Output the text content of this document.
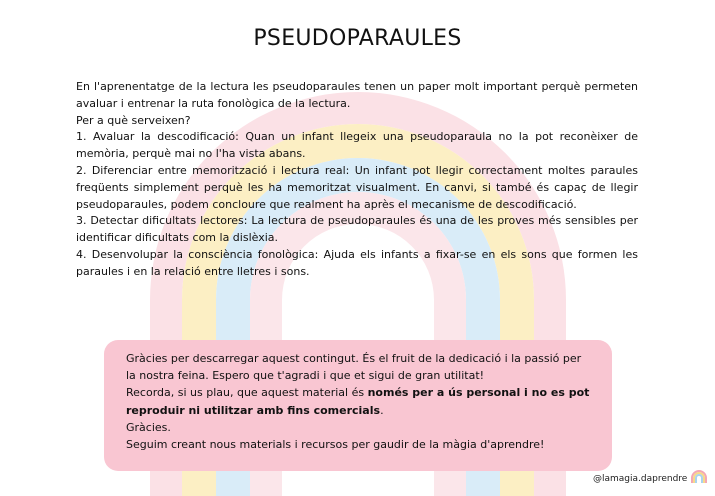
PSEUDOPARAULES

En l'aprenentatge de la lectura les pseudoparaules tenen un paper molt important perquè permeten avaluar i entrenar la ruta fonològica de la lectura.

Per a què serveixen?

1. Avaluar la descodificació: Quan un infant llegeix una pseudoparaula no la pot reconèixer de memòria, perquè mai no l'ha vista abans.

2. Diferenciar entre memorització i lectura real: Un infant pot llegir correctament moltes paraules freqüents simplement perquè les ha memoritzat visualment. En canvi, si també és capaç de llegir pseudoparaules, podem concloure que realment ha après el mecanisme de descodificació.

3. Detectar dificultats lectores: La lectura de pseudoparaules és una de les proves més sensibles per identificar dificultats com la dislèxia.

4. Desenvolupar la consciència fonològica: Ajuda els infants a fixar-se en els sons que formen les paraules i en la relació entre lletres i sons.

Gràcies per descarregar aquest contingut. És el fruit de la dedicació i la passió per la nostra feina. Espero que t'agradi i que et sigui de gran utilitat!

Recorda, si us plau, que aquest material és només per a ús personal i no es pot reproduir ni utilitzar amb fins comercials.

Gràcies.

Seguim creant nous materials i recursos per gaudir de la màgia d'aprendre!

@lamagia.daprendre
